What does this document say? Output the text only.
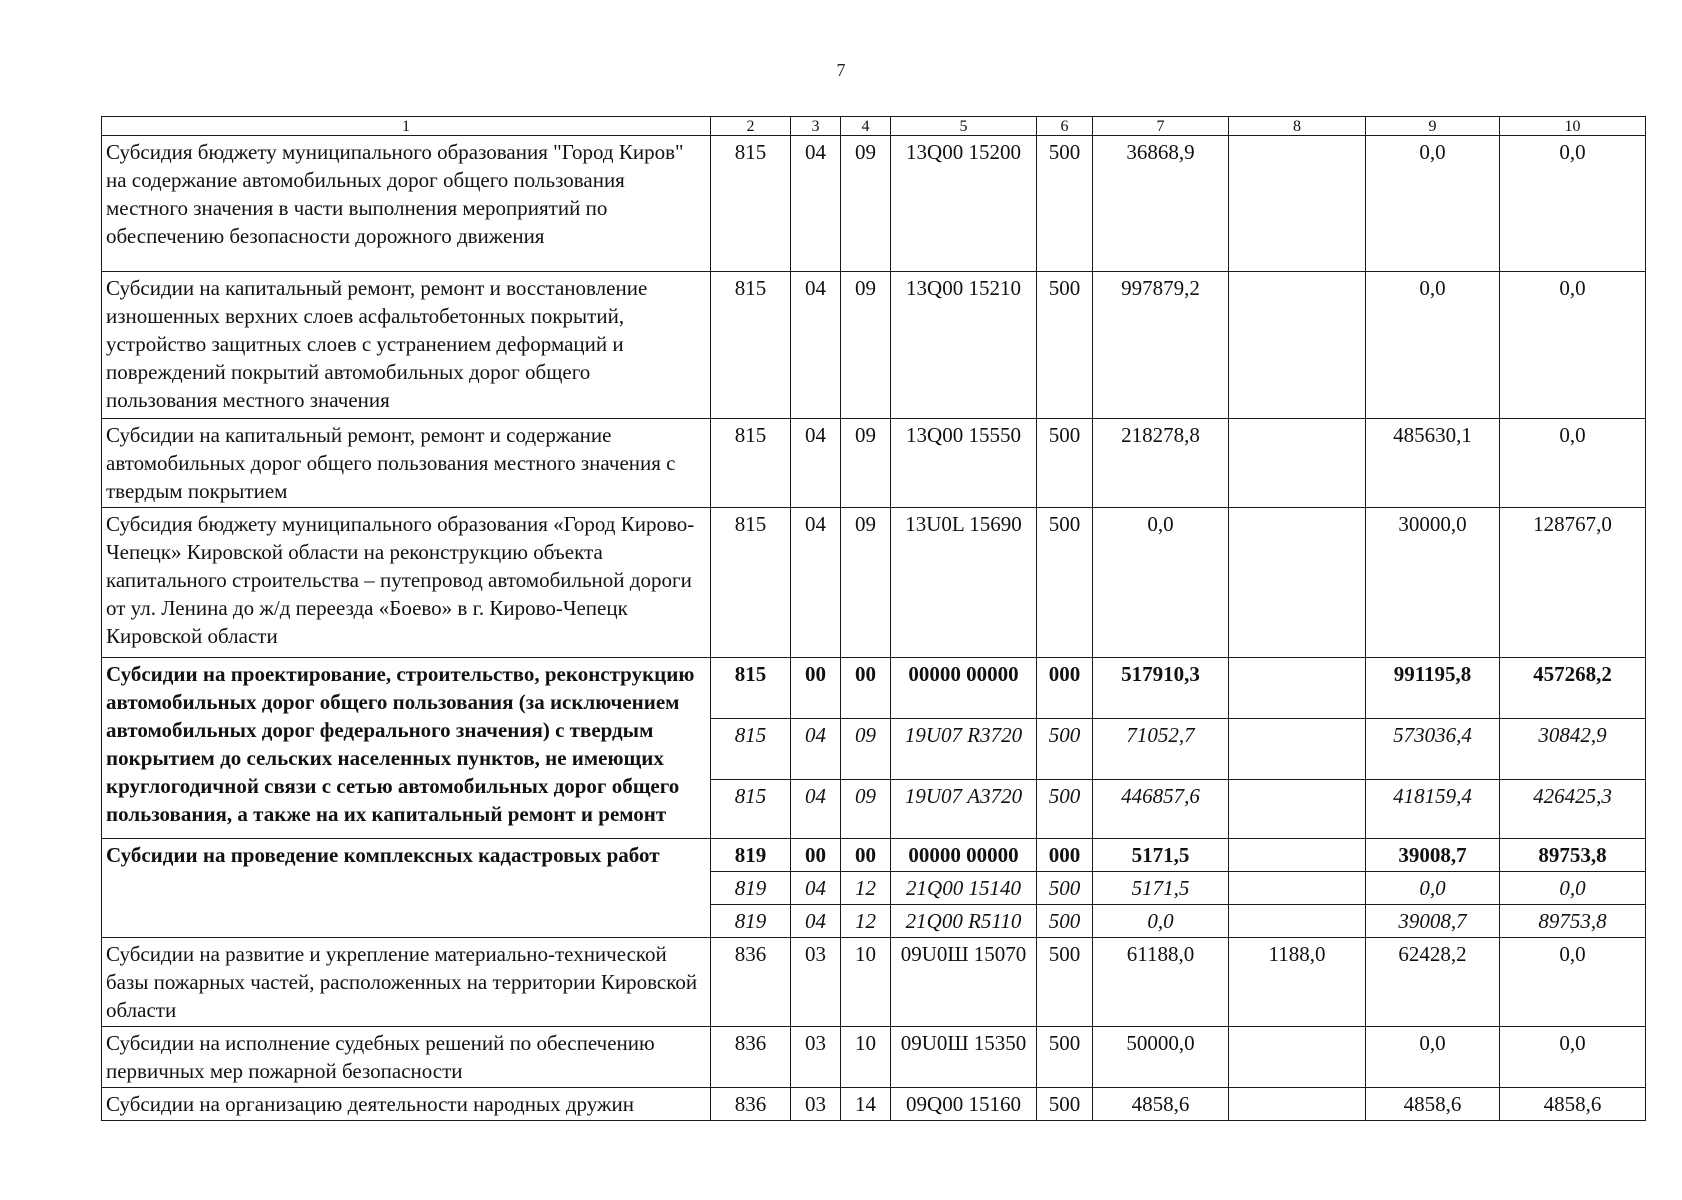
7
1	2	3	4	5	6	7	8	9	10
Субсидия бюджету муниципального образования "Город Киров" на содержание автомобильных дорог общего пользования местного значения в части выполнения мероприятий по обеспечению безопасности дорожного движения	815	04	09	13Q00 15200	500	36868,9		0,0	0,0
Субсидии на капитальный ремонт, ремонт и восстановление изношенных верхних слоев асфальтобетонных покрытий, устройство защитных слоев с устранением деформаций и повреждений покрытий автомобильных дорог общего пользования местного значения	815	04	09	13Q00 15210	500	997879,2		0,0	0,0
Субсидии на капитальный ремонт, ремонт и содержание автомобильных дорог общего пользования местного значения с твердым покрытием	815	04	09	13Q00 15550	500	218278,8		485630,1	0,0
Субсидия бюджету муниципального образования «Город Кирово-Чепецк» Кировской области на реконструкцию объекта капитального строительства – путепровод автомобильной дороги от ул. Ленина до ж/д переезда «Боево» в г. Кирово-Чепецк Кировской области	815	04	09	13U0L 15690	500	0,0		30000,0	128767,0
Субсидии на проектирование, строительство, реконструкцию автомобильных дорог общего пользования (за исключением автомобильных дорог федерального значения) с твердым покрытием до сельских населенных пунктов, не имеющих круглогодичной связи с сетью автомобильных дорог общего пользования, а также на их капитальный ремонт и ремонт	815	00	00	00000 00000	000	517910,3		991195,8	457268,2
	815	04	09	19U07 R3720	500	71052,7		573036,4	30842,9
	815	04	09	19U07 А3720	500	446857,6		418159,4	426425,3
Субсидии на проведение комплексных кадастровых работ	819	00	00	00000 00000	000	5171,5		39008,7	89753,8
	819	04	12	21Q00 15140	500	5171,5		0,0	0,0
	819	04	12	21Q00 R5110	500	0,0		39008,7	89753,8
Субсидии на развитие и укрепление материально-технической базы пожарных частей, расположенных на территории Кировской области	836	03	10	09U0Ш 15070	500	61188,0	1188,0	62428,2	0,0
Субсидии на исполнение судебных решений по обеспечению первичных мер пожарной безопасности	836	03	10	09U0Ш 15350	500	50000,0		0,0	0,0
Субсидии на организацию деятельности народных дружин	836	03	14	09Q00 15160	500	4858,6		4858,6	4858,6
